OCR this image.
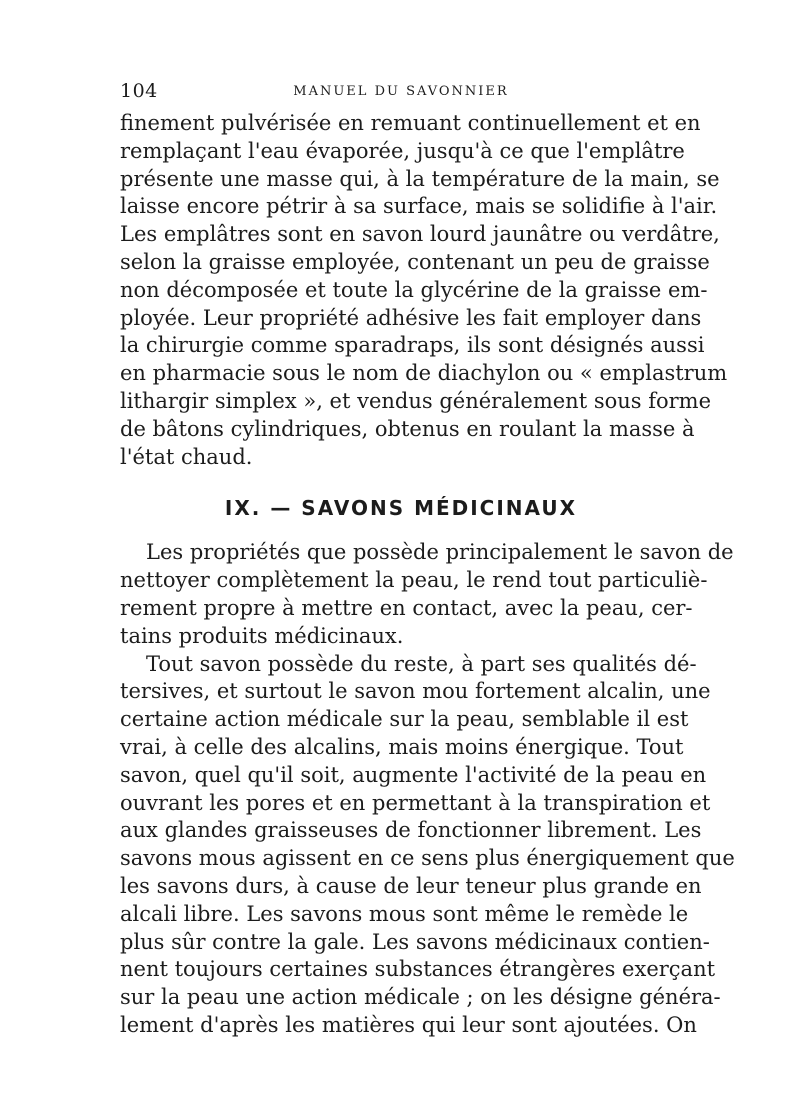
104	MANUEL DU SAVONNIER

finement pulvérisée en remuant continuellement et en
remplaçant l'eau évaporée, jusqu'à ce que l'emplâtre
présente une masse qui, à la température de la main, se
laisse encore pétrir à sa surface, mais se solidifie à l'air.
Les emplâtres sont en savon lourd jaunâtre ou verdâtre,
selon la graisse employée, contenant un peu de graisse
non décomposée et toute la glycérine de la graisse em-
ployée. Leur propriété adhésive les fait employer dans
la chirurgie comme sparadraps, ils sont désignés aussi
en pharmacie sous le nom de diachylon ou « emplastrum
lithargir simplex », et vendus généralement sous forme
de bâtons cylindriques, obtenus en roulant la masse à
l'état chaud.

IX. — SAVONS MÉDICINAUX

Les propriétés que possède principalement le savon de
nettoyer complètement la peau, le rend tout particuliè-
rement propre à mettre en contact, avec la peau, cer-
tains produits médicinaux.

Tout savon possède du reste, à part ses qualités dé-
tersives, et surtout le savon mou fortement alcalin, une
certaine action médicale sur la peau, semblable il est
vrai, à celle des alcalins, mais moins énergique. Tout
savon, quel qu'il soit, augmente l'activité de la peau en
ouvrant les pores et en permettant à la transpiration et
aux glandes graisseuses de fonctionner librement. Les
savons mous agissent en ce sens plus énergiquement que
les savons durs, à cause de leur teneur plus grande en
alcali libre. Les savons mous sont même le remède le
plus sûr contre la gale. Les savons médicinaux contien-
nent toujours certaines substances étrangères exerçant
sur la peau une action médicale ; on les désigne généra-
lement d'après les matières qui leur sont ajoutées. On
